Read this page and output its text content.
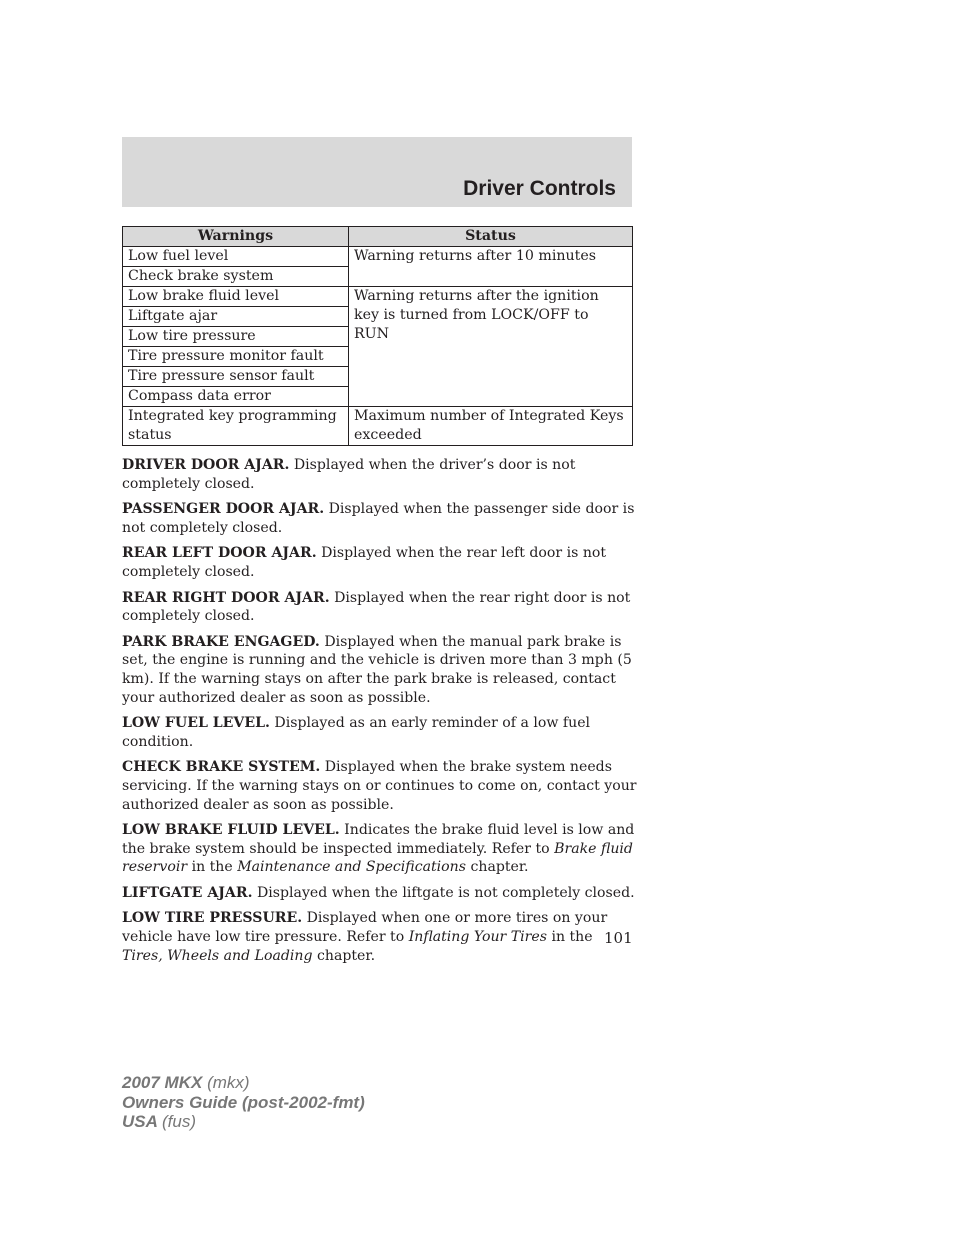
Driver Controls
Warnings	Status
Low fuel level	Warning returns after 10 minutes
Check brake system	
Low brake fluid level	Warning returns after the ignition key is turned from LOCK/OFF to RUN
Liftgate ajar	
Low tire pressure	
Tire pressure monitor fault	
Tire pressure sensor fault	
Compass data error	
Integrated key programming status	Maximum number of Integrated Keys exceeded

DRIVER DOOR AJAR. Displayed when the driver’s door is not completely closed.

PASSENGER DOOR AJAR. Displayed when the passenger side door is not completely closed.

REAR LEFT DOOR AJAR. Displayed when the rear left door is not completely closed.

REAR RIGHT DOOR AJAR. Displayed when the rear right door is not completely closed.

PARK BRAKE ENGAGED. Displayed when the manual park brake is set, the engine is running and the vehicle is driven more than 3 mph (5 km). If the warning stays on after the park brake is released, contact your authorized dealer as soon as possible.

LOW FUEL LEVEL. Displayed as an early reminder of a low fuel condition.

CHECK BRAKE SYSTEM. Displayed when the brake system needs servicing. If the warning stays on or continues to come on, contact your authorized dealer as soon as possible.

LOW BRAKE FLUID LEVEL. Indicates the brake fluid level is low and the brake system should be inspected immediately. Refer to Brake fluid reservoir in the Maintenance and Specifications chapter.

LIFTGATE AJAR. Displayed when the liftgate is not completely closed.

LOW TIRE PRESSURE. Displayed when one or more tires on your vehicle have low tire pressure. Refer to Inflating Your Tires in the Tires, Wheels and Loading chapter.

101
2007 MKX (mkx)
Owners Guide (post-2002-fmt)
USA (fus)
